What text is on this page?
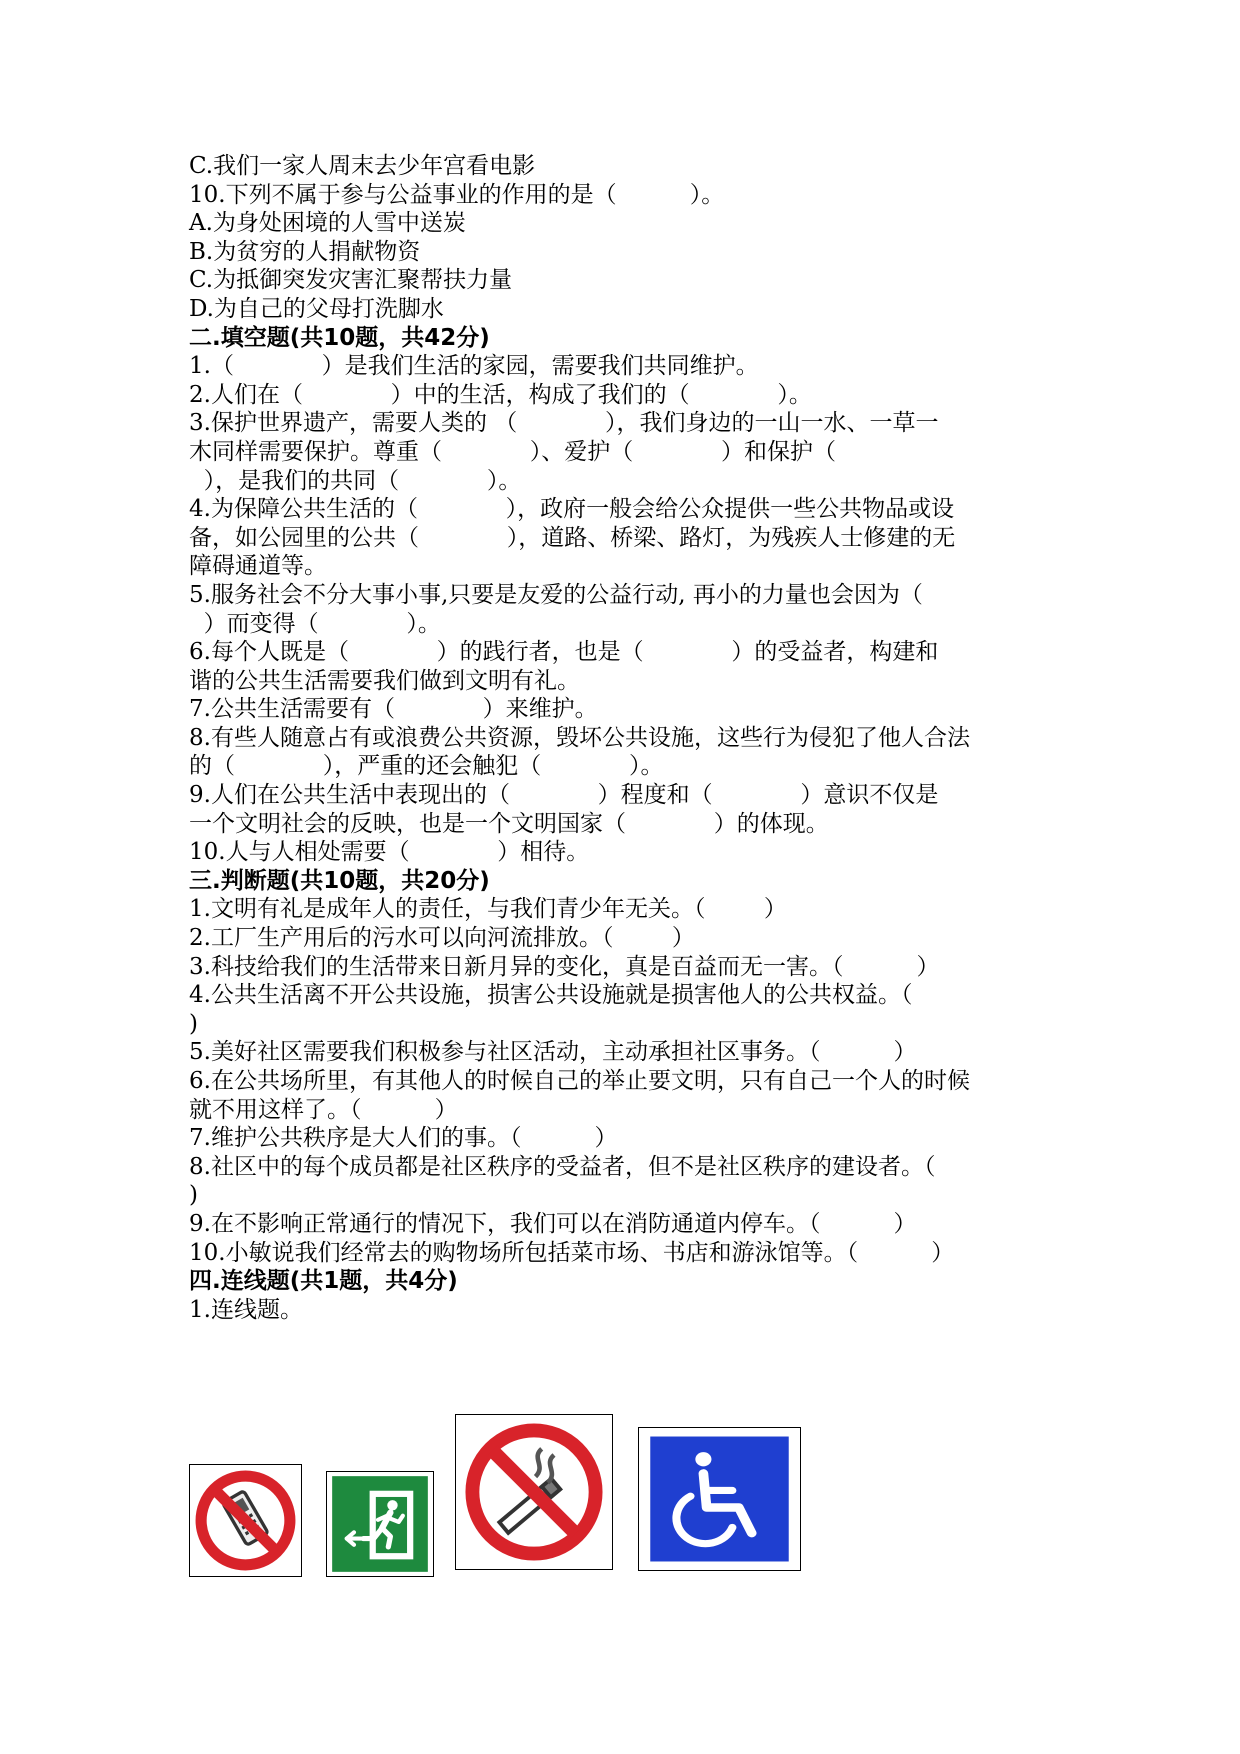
C.我们一家人周末去少年宫看电影

10.下列不属于参与公益事业的作用的是（          ）。

A.为身处困境的人雪中送炭

B.为贫穷的人捐献物资

C.为抵御突发灾害汇聚帮扶力量

D.为自己的父母打洗脚水

二.填空题(共10题，共42分)

1.（            ）是我们生活的家园，需要我们共同维护。

2.人们在（            ）中的生活，构成了我们的（            ）。

3.保护世界遗产，需要人类的 （            ），我们身边的一山一水、一草一

木同样需要保护。尊重（            ）、爱护（            ）和保护（

），是我们的共同（            ）。

4.为保障公共生活的（            ），政府一般会给公众提供一些公共物品或设

备，如公园里的公共（            ），道路、桥梁、路灯，为残疾人士修建的无

障碍通道等。

5.服务社会不分大事小事,只要是友爱的公益行动, 再小的力量也会因为（

）而变得（            ）。

6.每个人既是（            ）的践行者，也是（            ）的受益者，构建和

谐的公共生活需要我们做到文明有礼。

7.公共生活需要有（            ）来维护。

8.有些人随意占有或浪费公共资源，毁坏公共设施，这些行为侵犯了他人合法

的（            ），严重的还会触犯（            ）。

9.人们在公共生活中表现出的（            ）程度和（            ）意识不仅是

一个文明社会的反映，也是一个文明国家（            ）的体现。

10.人与人相处需要（            ）相待。

三.判断题(共10题，共20分)

1.文明有礼是成年人的责任，与我们青少年无关。（        ）

2.工厂生产用后的污水可以向河流排放。（        ）

3.科技给我们的生活带来日新月异的变化，真是百益而无一害。（          ）

4.公共生活离不开公共设施，损害公共设施就是损害他人的公共权益。（

)

5.美好社区需要我们积极参与社区活动，主动承担社区事务。（          ）

6.在公共场所里，有其他人的时候自己的举止要文明，只有自己一个人的时候

就不用这样了。（          ）

7.维护公共秩序是大人们的事。（          ）

8.社区中的每个成员都是社区秩序的受益者，但不是社区秩序的建设者。（

)

9.在不影响正常通行的情况下，我们可以在消防通道内停车。（          ）

10.小敏说我们经常去的购物场所包括菜市场、书店和游泳馆等。（          ）

四.连线题(共1题，共4分)

1.连线题。
